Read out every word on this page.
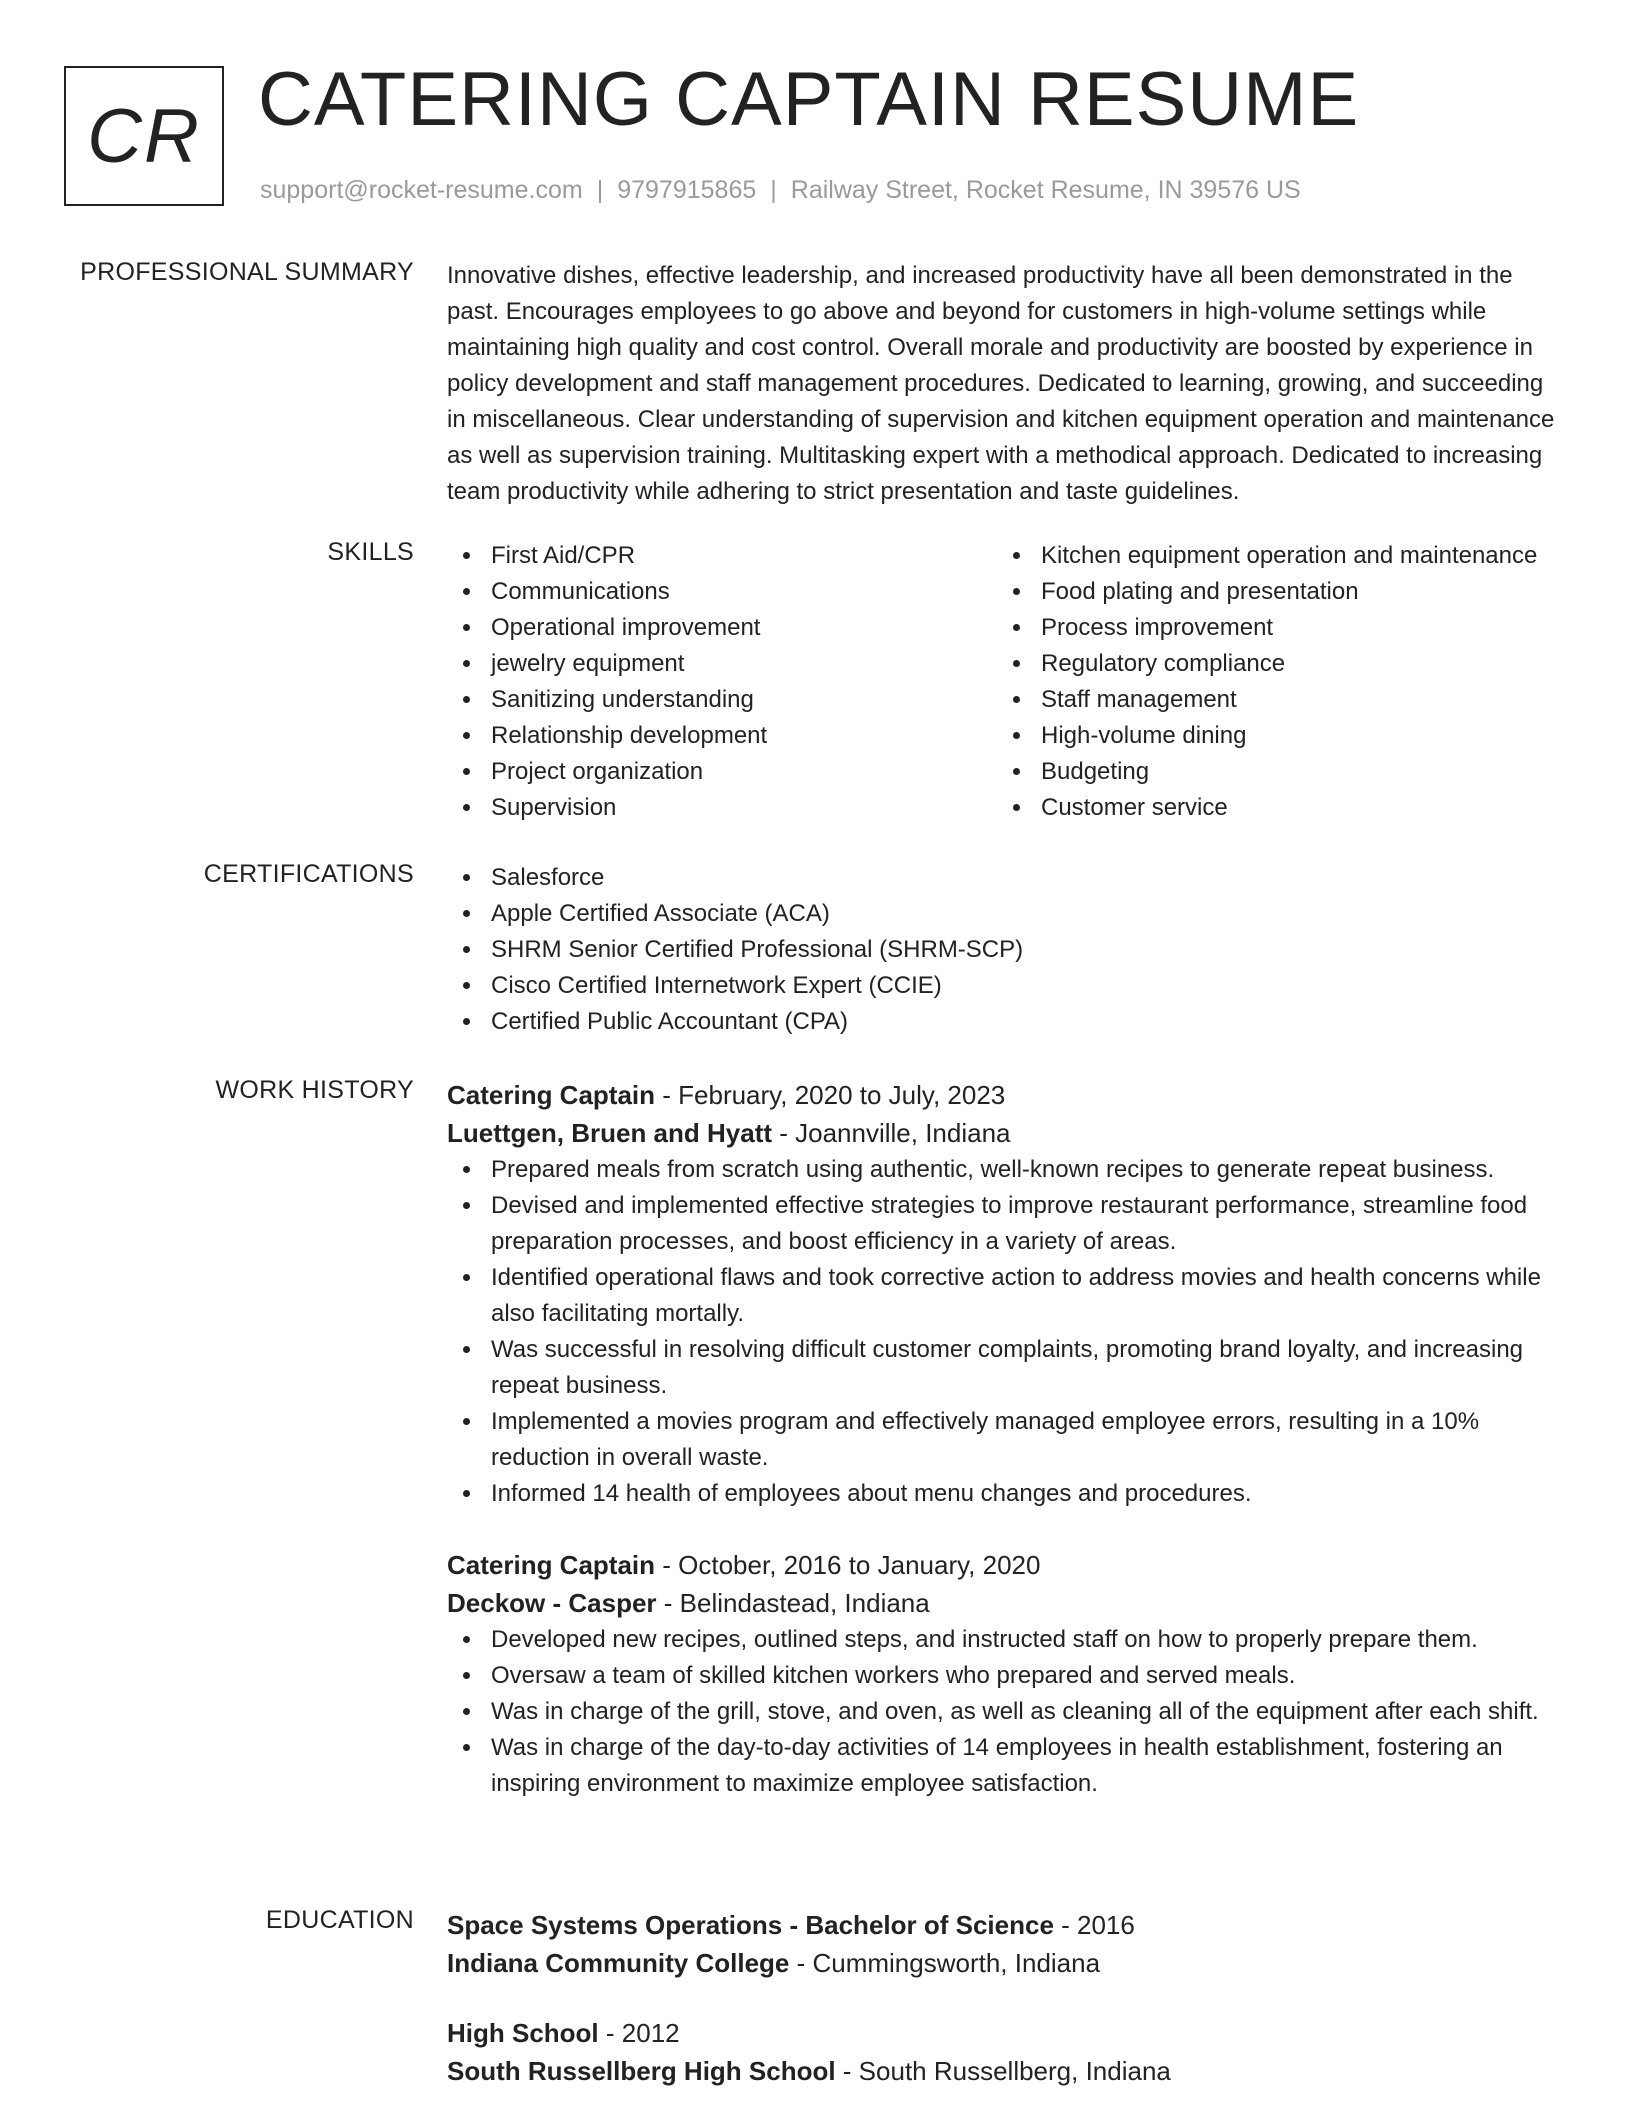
CR CATERING CAPTAIN RESUME
support@rocket-resume.com | 9797915865 | Railway Street, Rocket Resume, IN 39576 US
PROFESSIONAL SUMMARY Innovative dishes, effective leadership, and increased productivity have all been demonstrated in the past. Encourages employees to go above and beyond for customers in high-volume settings while maintaining high quality and cost control. Overall morale and productivity are boosted by experience in policy development and staff management procedures. Dedicated to learning, growing, and succeeding in miscellaneous. Clear understanding of supervision and kitchen equipment operation and maintenance as well as supervision training. Multitasking expert with a methodical approach. Dedicated to increasing team productivity while adhering to strict presentation and taste guidelines.

SKILLS	First Aid/CPR
Communications
Operational improvement
jewelry equipment
Sanitizing understanding
Relationship development
Project organization
Supervision
Kitchen equipment operation and maintenance
Food plating and presentation
Process improvement
Regulatory compliance
Staff management
High-volume dining
Budgeting
Customer service
CERTIFICATIONS	Salesforce
Apple Certified Associate (ACA)
SHRM Senior Certified Professional (SHRM-SCP)
Cisco Certified Internetwork Expert (CCIE)
Certified Public Accountant (CPA)
WORK HISTORY Catering Captain - February, 2020 to July, 2023
Luettgen, Bruen and Hyatt - Joannville, Indiana
Prepared meals from scratch using authentic, well-known recipes to generate repeat business.
Devised and implemented effective strategies to improve restaurant performance, streamline food preparation processes, and boost efficiency in a variety of areas.
Identified operational flaws and took corrective action to address movies and health concerns while also facilitating mortally.
Was successful in resolving difficult customer complaints, promoting brand loyalty, and increasing repeat business.
Implemented a movies program and effectively managed employee errors, resulting in a 10% reduction in overall waste.
Informed 14 health of employees about menu changes and procedures.
Catering Captain - October, 2016 to January, 2020
Deckow - Casper - Belindastead, Indiana
Developed new recipes, outlined steps, and instructed staff on how to properly prepare them.
Oversaw a team of skilled kitchen workers who prepared and served meals.
Was in charge of the grill, stove, and oven, as well as cleaning all of the equipment after each shift.
Was in charge of the day-to-day activities of 14 employees in health establishment, fostering an inspiring environment to maximize employee satisfaction.
EDUCATION Space Systems Operations - Bachelor of Science - 2016
Indiana Community College - Cummingsworth, Indiana
High School - 2012
South Russellberg High School - South Russellberg, Indiana
